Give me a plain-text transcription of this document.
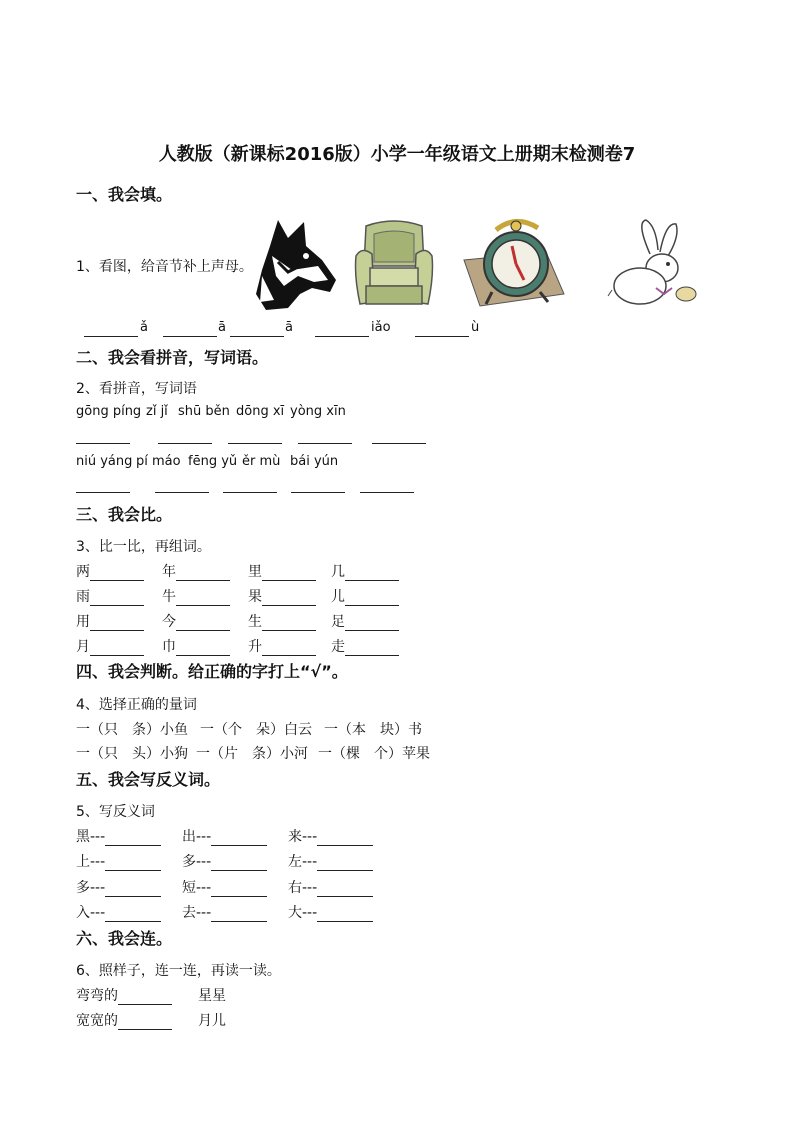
人教版（新课标2016版）小学一年级语文上册期末检测卷7
一、我会填。
1、看图，给音节补上声母。
ǎ	ā	ā	iǎo	ù
二、我会看拼音，写词语。
2、看拼音，写词语
gōng píng zǐ jǐ shū běn dōng xī yòng xīn
niú yáng pí máo fēng yǔ ěr mù bái yún
三、我会比。
3、比一比，再组词。
两	年	里	几
雨	牛	果	儿
用	今	生	足
月	巾	升	走
四、我会判断。给正确的字打上“√”。
4、选择正确的量词
一（只　条）小鱼 一（个　朵）白云 一（本　块）书
一（只　头）小狗 一（片　条）小河 一（棵　个）苹果
五、我会写反义词。
5、写反义词
黑---	出---	来---
上---	多---	左---
多---	短---	右---
入---	去---	大---
六、我会连。
6、照样子，连一连，再读一读。
弯弯的	星星
宽宽的	月儿
